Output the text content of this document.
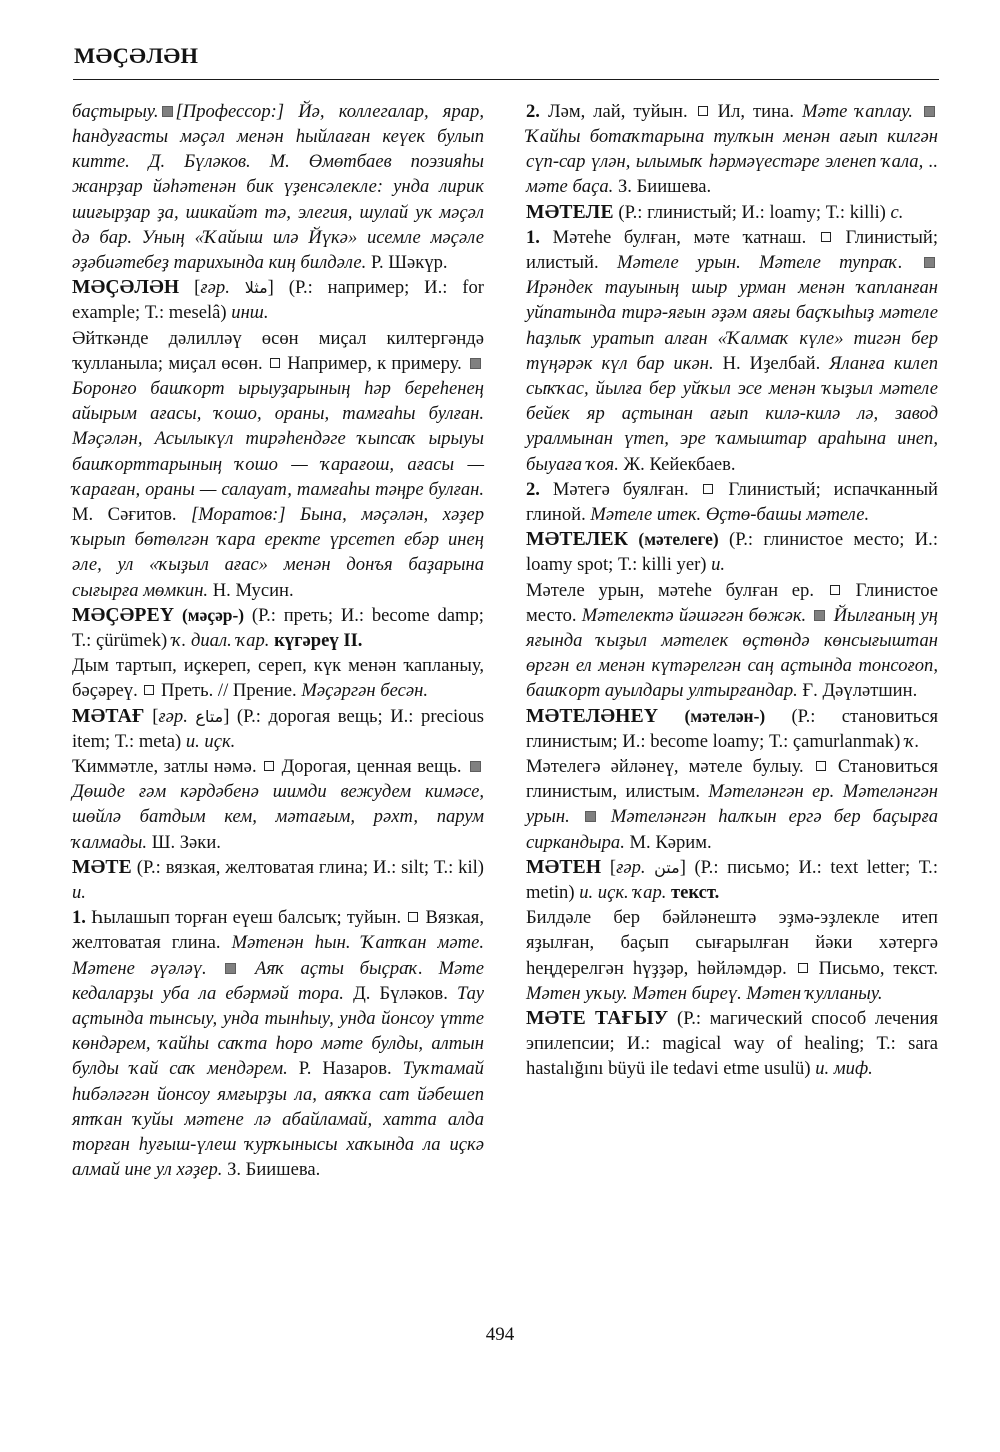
МӘҪӘЛӘН

баҫтырыу. [Профессор:] Йә, коллегалар, ярар, һандуғасты мәҫәл менән һыйлаған кеүек булып китте. Д. Бүләков. М. Өмөтбаев поэзияһы жанрҙар йәһәтенән бик үҙенсәлекле: унда лирик шиғырҙар ҙа, шикайәт тә, элегия, шулай ук мәҫәл дә бар. Уның «Ҡайыш илә Йүкә» исемле мәҫәле әҙәбиәтебеҙ тарихында киң билдәле. Р. Шәкүр.

МӘҪӘЛӘН [ғәр. مثلا] (Р.: например; И.: for example; Т.: meselâ) инш.

Әйткәнде дәлилләү өсөн миҫал килтергәндә ҡулланыла; миҫал өсөн. Например, к примеру.  Боронғо башҡорт ырыуҙарының һәр береһенең айырым ағасы, ҡошо, ораны, тамғаһы булған. Мәҫәлән, Асылыкүл тирәһендәге ҡыпсаҡ ырыуы башҡорттарының ҡошо — ҡарағош, ағасы — ҡараған, ораны — салауат, тамғаһы тәңре булған. М. Сәғитов. [Моратов:] Бына, мәҫәлән, хәҙер ҡырып бөтөлгән ҡара еректе үрсетеп ебәр инең әле, ул «ҡыҙыл ағас» менән донъя баҙарына сығырға мөмкин. Н. Мусин.

МӘҪӘРЕҮ (мәҫәр-) (Р.: преть; И.: become damp; Т.: çürümek) ҡ. диал. ҡар. күгәреү II.

Дым тартып, иҫкереп, сереп, күк менән ҡапланыу, бәҫәреү. Преть. // Прение. Мәҫәргән бесән.

МӘТАҒ [ғәр. متاع] (Р.: дорогая вещь; И.: precious item; Т.: meta) и. иҫк.

Ҡиммәтле, затлы нәмә. Дорогая, ценная вещь.  Дөшде ғәм кәрдәбенә шимди вежудем кимәсе, шөйлә батдым кем, мәтағым, рәхт, парум ҡалмады. Ш. Зәки.

МӘТЕ (Р.: вязкая, желтоватая глина; И.: silt; Т.: kil) и.

1. Һылашып торған еүеш балсыҡ; туйын. Вязкая, желтоватая глина. Мәтенән һын. Ҡатҡан мәте. Мәтене әүәләү.	Аяҡ аҫты быҫраҡ. Мәте кедаларҙы уба ла ебәрмәй тора. Д. Бүләков. Тау аҫтында тынсыу, унда тынһыу, унда йонсоу үтте көндәрем, ҡайһы саҡта һоро мәте булды, алтын булды ҡай саҡ мендәрем. Р. Назаров. Туҡтамай һибәләгән йонсоу ямғырҙы ла, аяҡҡа сат йәбешеп ятҡан ҡуйы мәтене лә абайламай, хатта алда торған һуғыш-үлеш ҡурҡынысы хаҡында ла иҫкә алмай ине ул хәҙер. З. Биишева.

2. Ләм, лай, туйын. Ил, тина. Мәте ҡаплау.  Ҡайһы ботаҡтарына тулҡын менән ағып килгән сүп-сар үлән, ылымыҡ һәрмәүестәре эленеп ҡала, .. мәте баҫа. З. Биишева.

МӘТЕЛЕ (Р.: глинистый; И.: loamy; Т.: killi) с.

1. Мәтеһе булған, мәте ҡатнаш. Глинистый; илистый. Мәтеле урын. Мәтеле тупраҡ.  Ирәндек тауының шыр урман менән ҡапланған уйпатында тирә-яғын әҙәм аяғы баҫҡыһыҙ мәтеле һаҙлыҡ уратып алған «Ҡалмаҡ күле» тигән бер түңәрәк күл бар икән. Н. Иҙелбай. Яланға килеп сыҡҡас, йылға бер уйҡыл эсе менән ҡыҙыл мәтеле бейек яр аҫтынан ағып килә-килә лә, завод уралмынан үтеп, эре ҡамыштар араһына инеп, быуаға ҡоя. Ж. Кейекбаев.

2. Мәтегә буялған. Глинистый; испачканный глиной. Мәтеле итек. Өҫтө-башы мәтеле.

МӘТЕЛЕК (мәтелеге) (Р.: глинистое место; И.: loamy spot; Т.: killi yer) и.

Мәтеле урын, мәтеһе булған ер. Глинистое место. Мәтелектә йәшәгән бөжәк. Йылғаның уң яғында ҡыҙыл мәтелек өҫтөндә көнсығыштан өргән ел менән күтәрелгән саң аҫтында тонсоғоп, башҡорт ауылдары ултырғандар. Ғ. Дәүләтшин.

МӘТЕЛӘНЕҮ (мәтелән-) (Р.: становиться глинистым; И.: become loamy; Т.: çamurlanmak) ҡ.

Мәтелегә әйләнеү, мәтеле булыу. Становиться глинистым, илистым. Мәтеләнгән ер. Мәтеләнгән урын. Мәтеләнгән һалҡын ергә бер баҫырға сиркандыра. М. Кәрим.

МӘТЕН [ғәр. متن] (Р.: письмо; И.: text letter; Т.: metin) и. иҫк. ҡар. текст.

Билдәле бер бәйләнештә эҙмә-эҙлекле итеп яҙылған, баҫып сығарылған йәки хәтергә һеңдерелгән һүҙҙәр, һөйләмдәр. Письмо, текст. Мәтен уҡыу. Мәтен биреү. Мәтен ҡулланыу.

МӘТЕ ТАҒЫУ (Р.: магический способ лечения эпилепсии; И.: magical way of healing; Т.: sara hastalığını büyü ile tedavi etme usulü) и. миф.

494
